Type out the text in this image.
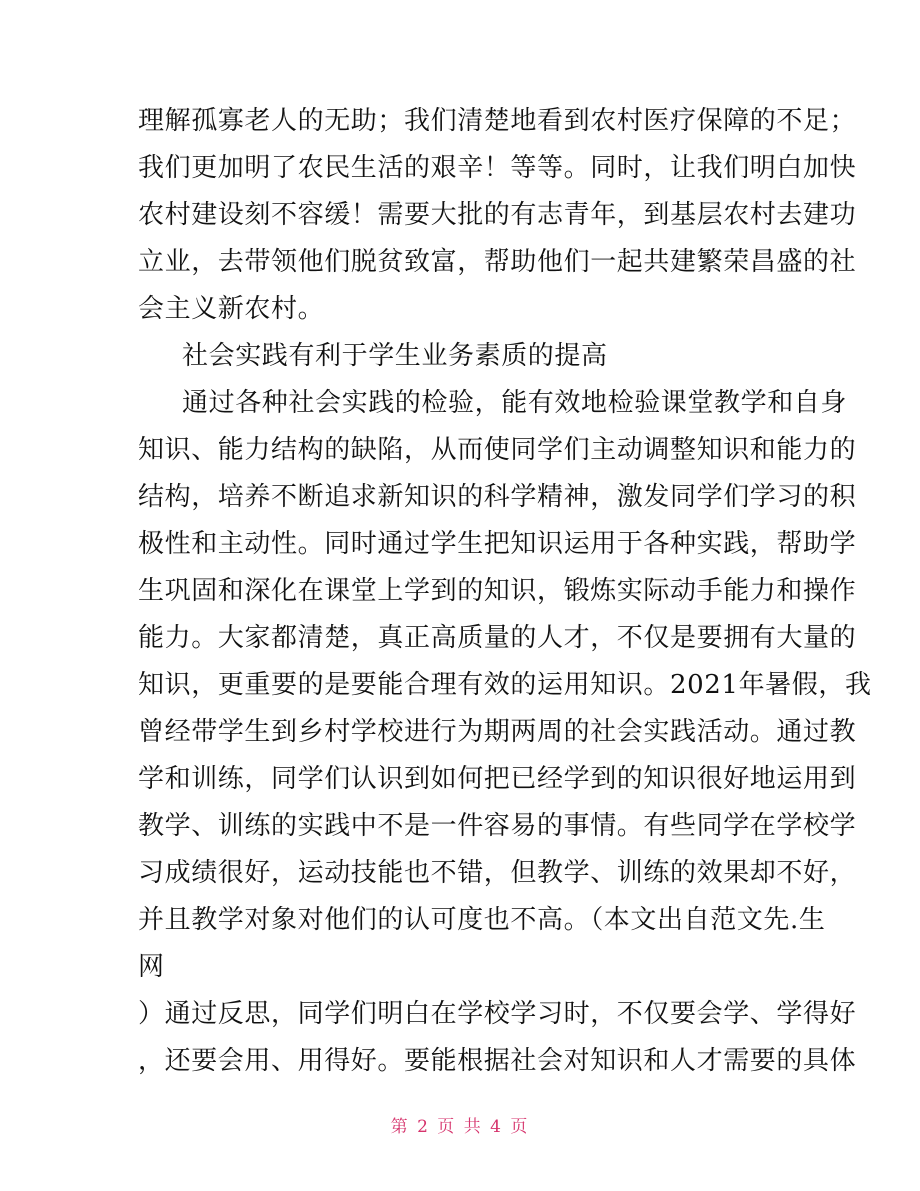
理解孤寡老人的无助；我们清楚地看到农村医疗保障的不足；
我们更加明了农民生活的艰辛！等等。同时，让我们明白加快
农村建设刻不容缓！需要大批的有志青年，到基层农村去建功
立业，去带领他们脱贫致富，帮助他们一起共建繁荣昌盛的社
会主义新农村。
社会实践有利于学生业务素质的提高
通过各种社会实践的检验，能有效地检验课堂教学和自身
知识、能力结构的缺陷，从而使同学们主动调整知识和能力的
结构，培养不断追求新知识的科学精神，激发同学们学习的积
极性和主动性。同时通过学生把知识运用于各种实践，帮助学
生巩固和深化在课堂上学到的知识，锻炼实际动手能力和操作
能力。大家都清楚，真正高质量的人才，不仅是要拥有大量的
知识，更重要的是要能合理有效的运用知识。2021年暑假，我
曾经带学生到乡村学校进行为期两周的社会实践活动。通过教
学和训练，同学们认识到如何把已经学到的知识很好地运用到
教学、训练的实践中不是一件容易的事情。有些同学在学校学
习成绩很好，运动技能也不错，但教学、训练的效果却不好，
并且教学对象对他们的认可度也不高。（本文出自范文先.生
网
）通过反思，同学们明白在学校学习时，不仅要会学、学得好
，还要会用、用得好。要能根据社会对知识和人才需要的具体
第 2 页 共 4 页
